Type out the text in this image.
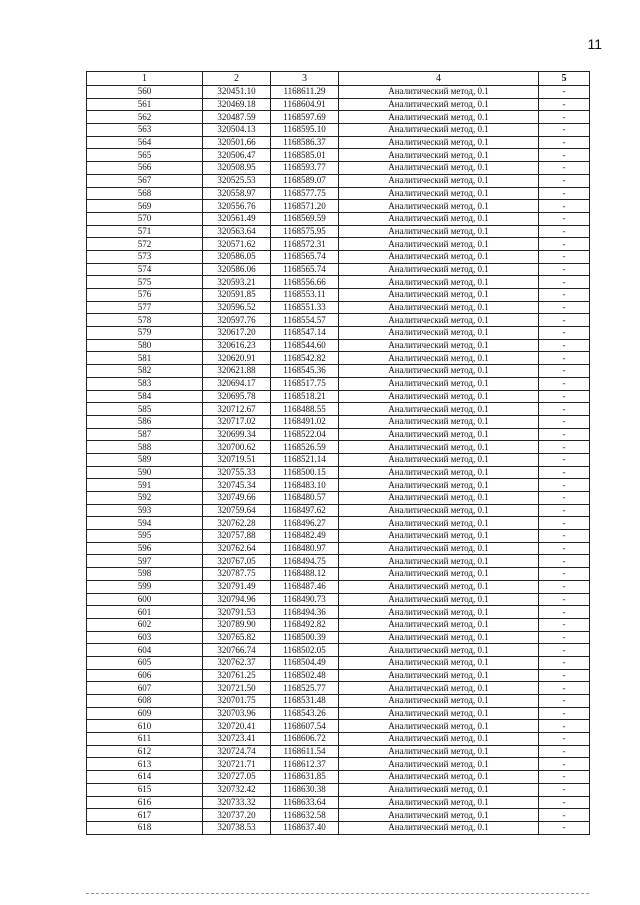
11
1	2	3	4	5
560	320451.10	1168611.29	Аналитический метод, 0.1	-
561	320469.18	1168604.91	Аналитический метод, 0.1	-
562	320487.59	1168597.69	Аналитический метод, 0.1	-
563	320504.13	1168595.10	Аналитический метод, 0.1	-
564	320501.66	1168586.37	Аналитический метод, 0.1	-
565	320506.47	1168585.01	Аналитический метод, 0.1	-
566	320508.95	1168593.77	Аналитический метод, 0.1	-
567	320525.53	1168589.07	Аналитический метод, 0.1	-
568	320558.97	1168577.75	Аналитический метод, 0.1	-
569	320556.76	1168571.20	Аналитический метод, 0.1	-
570	320561.49	1168569.59	Аналитический метод, 0.1	-
571	320563.64	1168575.95	Аналитический метод, 0.1	-
572	320571.62	1168572.31	Аналитический метод, 0.1	-
573	320586.05	1168565.74	Аналитический метод, 0.1	-
574	320586.06	1168565.74	Аналитический метод, 0.1	-
575	320593.21	1168556.66	Аналитический метод, 0.1	-
576	320591.85	1168553.11	Аналитический метод, 0.1	-
577	320596.52	1168551.33	Аналитический метод, 0.1	-
578	320597.76	1168554.57	Аналитический метод, 0.1	-
579	320617.20	1168547.14	Аналитический метод, 0.1	-
580	320616.23	1168544.60	Аналитический метод, 0.1	-
581	320620.91	1168542.82	Аналитический метод, 0.1	-
582	320621.88	1168545.36	Аналитический метод, 0.1	-
583	320694.17	1168517.75	Аналитический метод, 0.1	-
584	320695.78	1168518.21	Аналитический метод, 0.1	-
585	320712.67	1168488.55	Аналитический метод, 0.1	-
586	320717.02	1168491.02	Аналитический метод, 0.1	-
587	320699.34	1168522.04	Аналитический метод, 0.1	-
588	320700.62	1168526.59	Аналитический метод, 0.1	-
589	320719.51	1168521.14	Аналитический метод, 0.1	-
590	320755.33	1168500.15	Аналитический метод, 0.1	-
591	320745.34	1168483.10	Аналитический метод, 0.1	-
592	320749.66	1168480.57	Аналитический метод, 0.1	-
593	320759.64	1168497.62	Аналитический метод, 0.1	-
594	320762.28	1168496.27	Аналитический метод, 0.1	-
595	320757.88	1168482.49	Аналитический метод, 0.1	-
596	320762.64	1168480.97	Аналитический метод, 0.1	-
597	320767.05	1168494.75	Аналитический метод, 0.1	-
598	320787.75	1168488.12	Аналитический метод, 0.1	-
599	320791.49	1168487.46	Аналитический метод, 0.1	-
600	320794.96	1168490.73	Аналитический метод, 0.1	-
601	320791.53	1168494.36	Аналитический метод, 0.1	-
602	320789.90	1168492.82	Аналитический метод, 0.1	-
603	320765.82	1168500.39	Аналитический метод, 0.1	-
604	320766.74	1168502.05	Аналитический метод, 0.1	-
605	320762.37	1168504.49	Аналитический метод, 0.1	-
606	320761.25	1168502.48	Аналитический метод, 0.1	-
607	320721.50	1168525.77	Аналитический метод, 0.1	-
608	320701.75	1168531.48	Аналитический метод, 0.1	-
609	320703.96	1168543.26	Аналитический метод, 0.1	-
610	320720.41	1168607.54	Аналитический метод, 0.1	-
611	320723.41	1168606.72	Аналитический метод, 0.1	-
612	320724.74	1168611.54	Аналитический метод, 0.1	-
613	320721.71	1168612.37	Аналитический метод, 0.1	-
614	320727.05	1168631.85	Аналитический метод, 0.1	-
615	320732.42	1168630.38	Аналитический метод, 0.1	-
616	320733.32	1168633.64	Аналитический метод, 0.1	-
617	320737.20	1168632.58	Аналитический метод, 0.1	-
618	320738.53	1168637.40	Аналитический метод, 0.1	-
